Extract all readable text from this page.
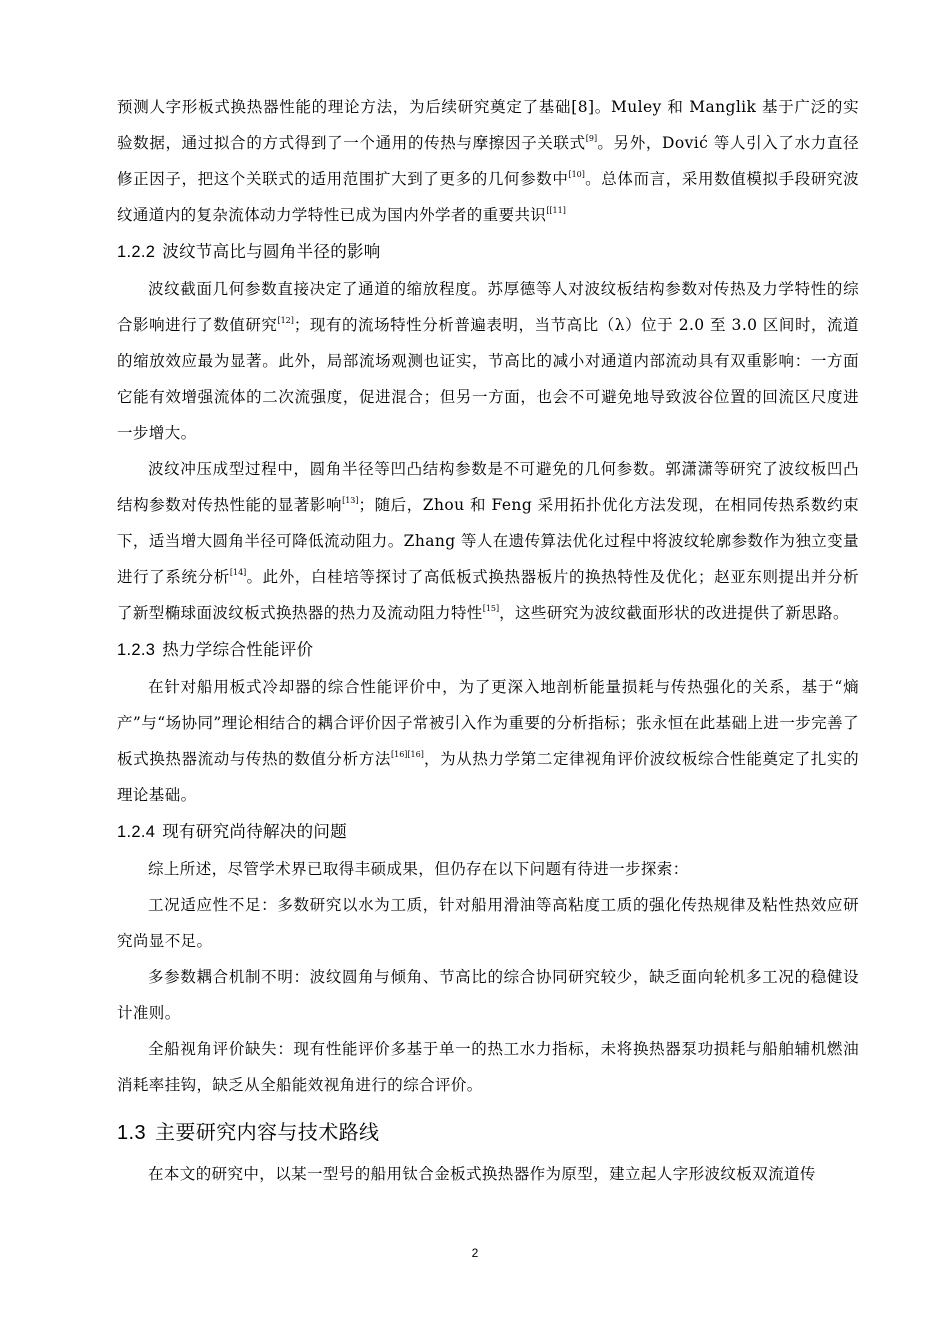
预测人字形板式换热器性能的理论方法，为后续研究奠定了基础[8]。Muley 和 Manglik 基于广泛的实验数据，通过拟合的方式得到了一个通用的传热与摩擦因子关联式[9]。另外，Dović 等人引入了水力直径修正因子，把这个关联式的适用范围扩大到了更多的几何参数中[10]。总体而言，采用数值模拟手段研究波纹通道内的复杂流体动力学特性已成为国内外学者的重要共识[[11]

1.2.2 波纹节高比与圆角半径的影响

波纹截面几何参数直接决定了通道的缩放程度。苏厚德等人对波纹板结构参数对传热及力学特性的综合影响进行了数值研究[12]；现有的流场特性分析普遍表明，当节高比（λ）位于 2.0 至 3.0 区间时，流道的缩放效应最为显著。此外，局部流场观测也证实，节高比的减小对通道内部流动具有双重影响：一方面它能有效增强流体的二次流强度，促进混合；但另一方面，也会不可避免地导致波谷位置的回流区尺度进一步增大。

波纹冲压成型过程中，圆角半径等凹凸结构参数是不可避免的几何参数。郭潇潇等研究了波纹板凹凸结构参数对传热性能的显著影响[13]；随后，Zhou 和 Feng 采用拓扑优化方法发现，在相同传热系数约束下，适当增大圆角半径可降低流动阻力。Zhang 等人在遗传算法优化过程中将波纹轮廓参数作为独立变量进行了系统分析[14]。此外，白桂培等探讨了高低板式换热器板片的换热特性及优化；赵亚东则提出并分析了新型椭球面波纹板式换热器的热力及流动阻力特性[15]，这些研究为波纹截面形状的改进提供了新思路。

1.2.3 热力学综合性能评价

在针对船用板式冷却器的综合性能评价中，为了更深入地剖析能量损耗与传热强化的关系，基于“熵产”与“场协同”理论相结合的耦合评价因子常被引入作为重要的分析指标；张永恒在此基础上进一步完善了板式换热器流动与传热的数值分析方法[16][16]，为从热力学第二定律视角评价波纹板综合性能奠定了扎实的理论基础。

1.2.4 现有研究尚待解决的问题

综上所述，尽管学术界已取得丰硕成果，但仍存在以下问题有待进一步探索：

工况适应性不足：多数研究以水为工质，针对船用滑油等高粘度工质的强化传热规律及粘性热效应研究尚显不足。

多参数耦合机制不明：波纹圆角与倾角、节高比的综合协同研究较少，缺乏面向轮机多工况的稳健设计准则。

全船视角评价缺失：现有性能评价多基于单一的热工水力指标，未将换热器泵功损耗与船舶辅机燃油消耗率挂钩，缺乏从全船能效视角进行的综合评价。

1.3 主要研究内容与技术路线

在本文的研究中，以某一型号的船用钛合金板式换热器作为原型，建立起人字形波纹板双流道传

2
